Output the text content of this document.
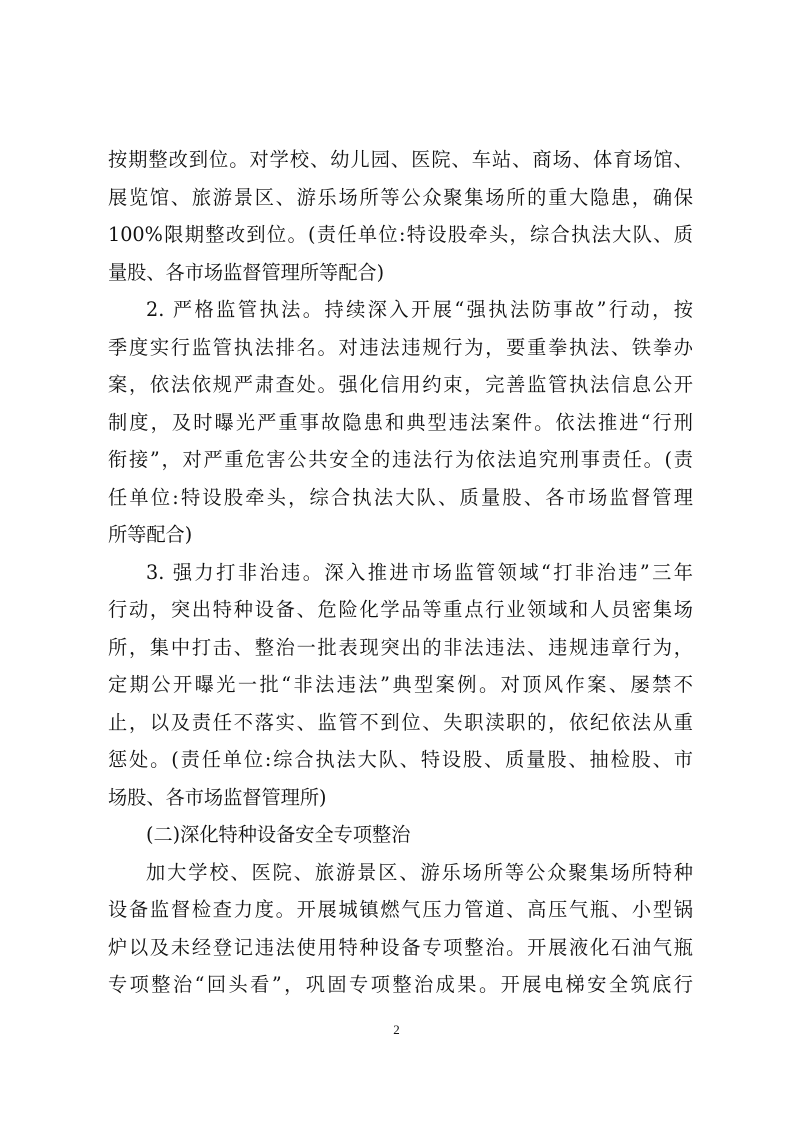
按期整改到位。对学校、幼儿园、医院、车站、商场、体育场馆、
展览馆、旅游景区、游乐场所等公众聚集场所的重大隐患，确保
100%限期整改到位。(责任单位:特设股牵头，综合执法大队、质
量股、各市场监督管理所等配合)
2. 严格监管执法。持续深入开展“强执法防事故”行动，按
季度实行监管执法排名。对违法违规行为，要重拳执法、铁拳办
案，依法依规严肃查处。强化信用约束，完善监管执法信息公开
制度，及时曝光严重事故隐患和典型违法案件。依法推进“行刑
衔接”，对严重危害公共安全的违法行为依法追究刑事责任。(责
任单位:特设股牵头，综合执法大队、质量股、各市场监督管理
所等配合)
3. 强力打非治违。深入推进市场监管领域“打非治违”三年
行动，突出特种设备、危险化学品等重点行业领域和人员密集场
所，集中打击、整治一批表现突出的非法违法、违规违章行为，
定期公开曝光一批“非法违法”典型案例。对顶风作案、屡禁不
止，以及责任不落实、监管不到位、失职渎职的，依纪依法从重
惩处。(责任单位:综合执法大队、特设股、质量股、抽检股、市
场股、各市场监督管理所)
(二)深化特种设备安全专项整治
加大学校、医院、旅游景区、游乐场所等公众聚集场所特种
设备监督检查力度。开展城镇燃气压力管道、高压气瓶、小型锅
炉以及未经登记违法使用特种设备专项整治。开展液化石油气瓶
专项整治“回头看”，巩固专项整治成果。开展电梯安全筑底行
2
